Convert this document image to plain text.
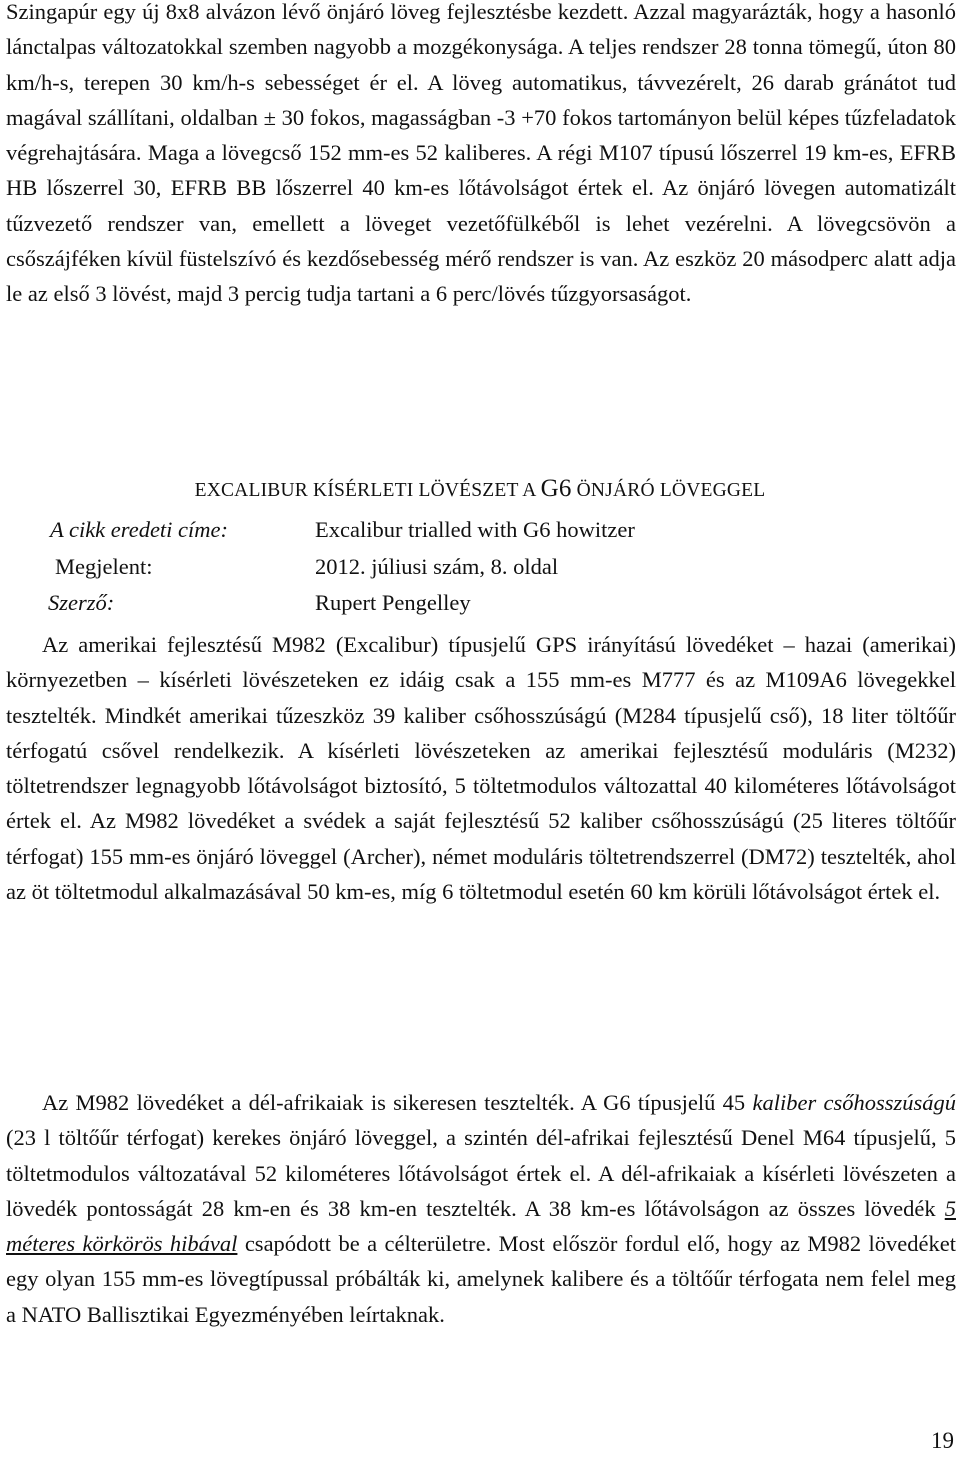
Szingapúr egy új 8x8 alvázon lévő önjáró löveg fejlesztésbe kezdett. Azzal magyarázták, hogy a hasonló lánctalpas változatokkal szemben nagyobb a mozgékonysága. A teljes rendszer 28 tonna tömegű, úton 80 km/h-s, terepen 30 km/h-s sebességet ér el. A löveg automatikus, távvezérelt, 26 darab gránátot tud magával szállítani, oldalban ± 30 fokos, magasságban -3 +70 fokos tartományon belül képes tűzfeladatok végrehajtására. Maga a lövegcső 152 mm-es 52 kaliberes. A régi M107 típusú lőszerrel 19 km-es, EFRB HB lőszerrel 30, EFRB BB lőszerrel 40 km-es lőtávolságot értek el. Az önjáró lövegen automatizált tűzvezető rendszer van, emellett a löveget vezetőfülkéből is lehet vezérelni. A lövegcsövön a csőszájféken kívül füstelszívó és kezdősebesség mérő rendszer is van. Az eszköz 20 másodperc alatt adja le az első 3 lövést, majd 3 percig tudja tartani a 6 perc/lövés tűzgyorsaságot.

EXCALIBUR KÍSÉRLETI LÖVÉSZET A G6 ÖNJÁRÓ LÖVEGGEL
A cikk eredeti címe:	Excalibur trialled with G6 howitzer
Megjelent:	2012. júliusi szám, 8. oldal
Szerző:	Rupert Pengelley

Az amerikai fejlesztésű M982 (Excalibur) típusjelű GPS irányítású lövedéket – hazai (amerikai) környezetben – kísérleti lövészeteken ez idáig csak a 155 mm-es M777 és az M109A6 lövegekkel tesztelték. Mindkét amerikai tűzeszköz 39 kaliber csőhosszúságú (M284 típusjelű cső), 18 liter töltőűr térfogatú csővel rendelkezik. A kísérleti lövészeteken az amerikai fejlesztésű moduláris (M232) töltetrendszer legnagyobb lőtávolságot biztosító, 5 töltetmodulos változattal 40 kilométeres lőtávolságot értek el. Az M982 lövedéket a svédek a saját fejlesztésű 52 kaliber csőhosszúságú (25 literes töltőűr térfogat) 155 mm-es önjáró löveggel (Archer), német moduláris töltetrendszerrel (DM72) tesztelték, ahol az öt töltetmodul alkalmazásával 50 km-es, míg 6 töltetmodul esetén 60 km körüli lőtávolságot értek el.

Az M982 lövedéket a dél-afrikaiak is sikeresen tesztelték. A G6 típusjelű 45 kaliber csőhosszúságú (23 l töltőűr térfogat) kerekes önjáró löveggel, a szintén dél-afrikai fejlesztésű Denel M64 típusjelű, 5 töltetmodulos változatával 52 kilométeres lőtávolságot értek el. A dél-afrikaiak a kísérleti lövészeten a lövedék pontosságát 28 km-en és 38 km-en tesztelték. A 38 km-es lőtávolságon az összes lövedék 5 méteres körkörös hibával csapódott be a célterületre. Most először fordul elő, hogy az M982 lövedéket egy olyan 155 mm-es lövegtípussal próbálták ki, amelynek kalibere és a töltőűr térfogata nem felel meg a NATO Ballisztikai Egyezményében leírtaknak.

19
